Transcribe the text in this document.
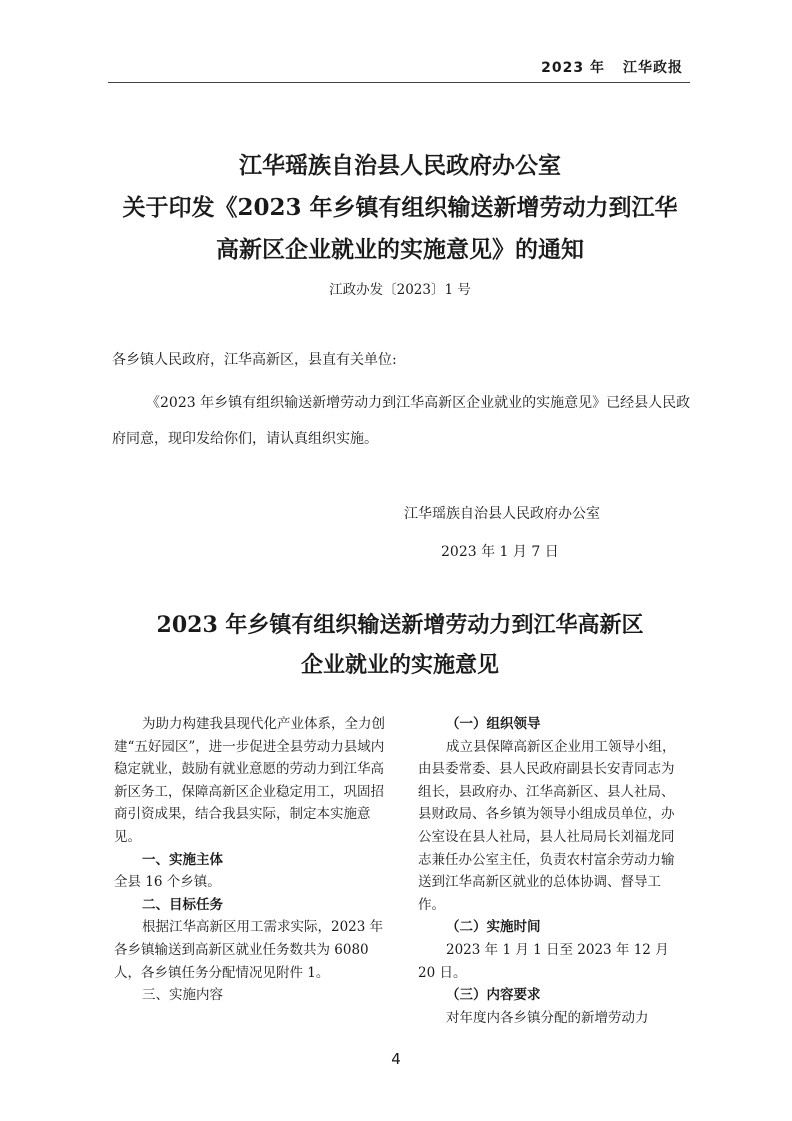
2023 年 江华政报
江华瑶族自治县人民政府办公室
关于印发《2023 年乡镇有组织输送新增劳动力到江华
高新区企业就业的实施意见》的通知
江政办发〔2023〕1 号
各乡镇人民政府，江华高新区，县直有关单位:

《2023 年乡镇有组织输送新增劳动力到江华高新区企业就业的实施意见》已经县人民政府同意，现印发给你们，请认真组织实施。

江华瑶族自治县人民政府办公室
2023 年 1 月 7 日
2023 年乡镇有组织输送新增劳动力到江华高新区
企业就业的实施意见

为助力构建我县现代化产业体系，全力创建“五好园区”，进一步促进全县劳动力县域内稳定就业，鼓励有就业意愿的劳动力到江华高新区务工，保障高新区企业稳定用工，巩固招商引资成果，结合我县实际，制定本实施意见。

一、实施主体

全县 16 个乡镇。

二、目标任务

根据江华高新区用工需求实际，2023 年各乡镇输送到高新区就业任务数共为 6080 人，各乡镇任务分配情况见附件 1。

三、实施内容

（一）组织领导

成立县保障高新区企业用工领导小组，由县委常委、县人民政府副县长安青同志为组长，县政府办、江华高新区、县人社局、县财政局、各乡镇为领导小组成员单位，办公室设在县人社局，县人社局局长刘福龙同志兼任办公室主任，负责农村富余劳动力输送到江华高新区就业的总体协调、督导工作。

（二）实施时间

2023 年 1 月 1 日至 2023 年 12 月 20 日。

（三）内容要求

对年度内各乡镇分配的新增劳动力

4
